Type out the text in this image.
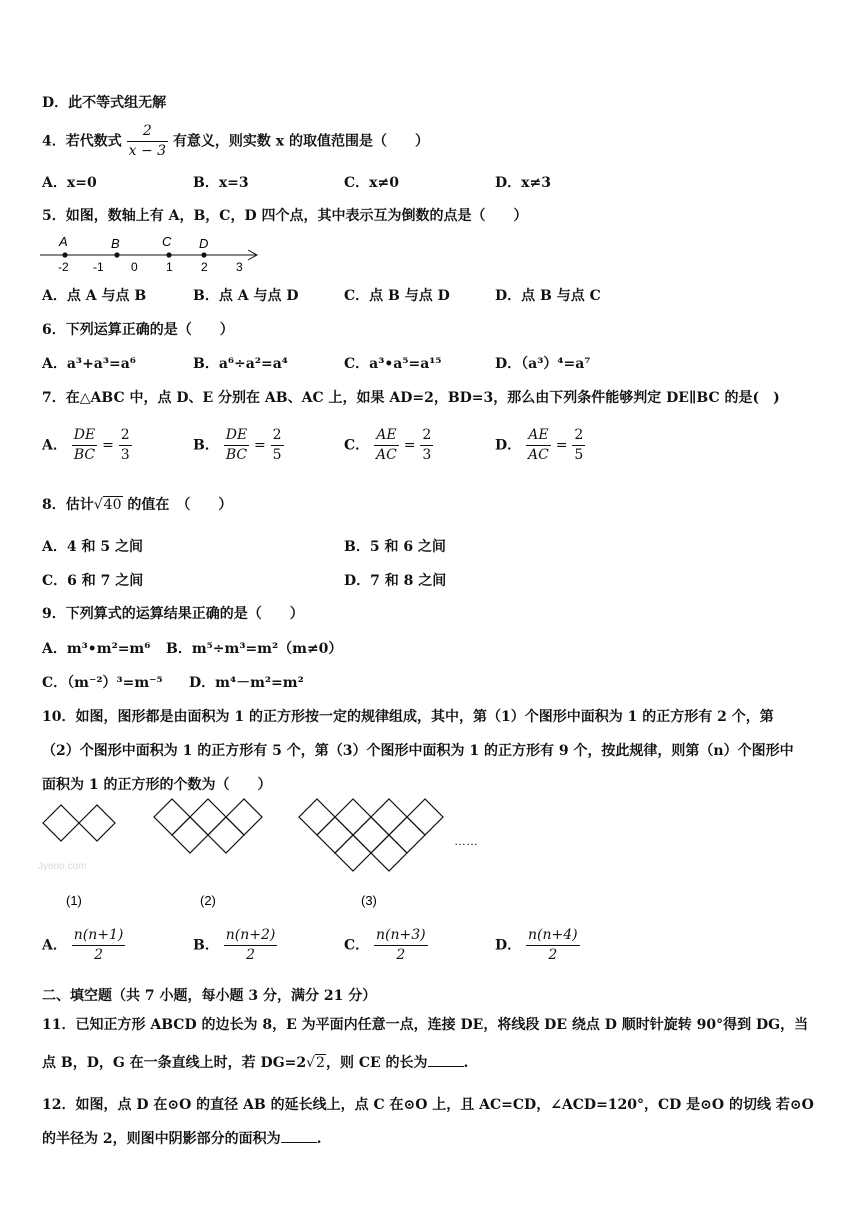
D．此不等式组无解
4．若代数式 $\frac{2}{x - 3}$ 有意义，则实数 x 的取值范围是（　　）
A．x=0	B．x=3	C．x≠0	D．x≠3
5．如图，数轴上有 A，B，C，D 四个点，其中表示互为倒数的点是（　　）
A	B	C D
-2 -1 0 1 2 3
A．点 A 与点 B	B．点 A 与点 D	C．点 B 与点 D	D．点 B 与点 C
6．下列运算正确的是（　　）
A．a³+a³=a⁶	B．a⁶÷a²=a⁴	C．a³•a⁵=a¹⁵	D．（a³）⁴=a⁷
7．在△ABC 中，点 D、E 分别在 AB、AC 上，如果 AD=2，BD=3，那么由下列条件能够判定 DE∥BC 的是(　)
A． $\frac{DE}{BC} = \frac{2}{3}$	B． $\frac{DE}{BC} = \frac{2}{5}$	C． $\frac{AE}{AC} = \frac{2}{3}$	D． $\frac{AE}{AC} = \frac{2}{5}$
8．估计√40 的值在　（　　）
A．4 和 5 之间	B．5 和 6 之间
C．6 和 7 之间	D．7 和 8 之间
9．下列算式的运算结果正确的是（　　）
A．m³•m²=m⁶ B．m⁵÷m³=m²（m≠0）
C．（m⁻²）³=m⁻⁵ D．m⁴－m²=m²
10．如图，图形都是由面积为 1 的正方形按一定的规律组成，其中，第（1）个图形中面积为 1 的正方形有 2 个，第
（2）个图形中面积为 1 的正方形有 5 个，第（3）个图形中面积为 1 的正方形有 9 个，按此规律，则第（n）个图形中
面积为 1 的正方形的个数为（　　）
……
Jyeoo.com
(1)	(2)	(3)
A． $\frac{n(n+1)}{2}$	B． $\frac{n(n+2)}{2}$	C． $\frac{n(n+3)}{2}$	D． $\frac{n(n+4)}{2}$
二、填空题（共 7 小题，每小题 3 分，满分 21 分）
11．已知正方形 ABCD 的边长为 8，E 为平面内任意一点，连接 DE，将线段 DE 绕点 D 顺时针旋转 90°得到 DG，当
点 B，D，G 在一条直线上时，若 DG=2√2，则 CE 的长为	.
12．如图，点 D 在⊙O 的直径 AB 的延长线上，点 C 在⊙O 上，且 AC=CD，∠ACD=120°，CD 是⊙O 的切线 若⊙O
的半径为 2，则图中阴影部分的面积为	.
